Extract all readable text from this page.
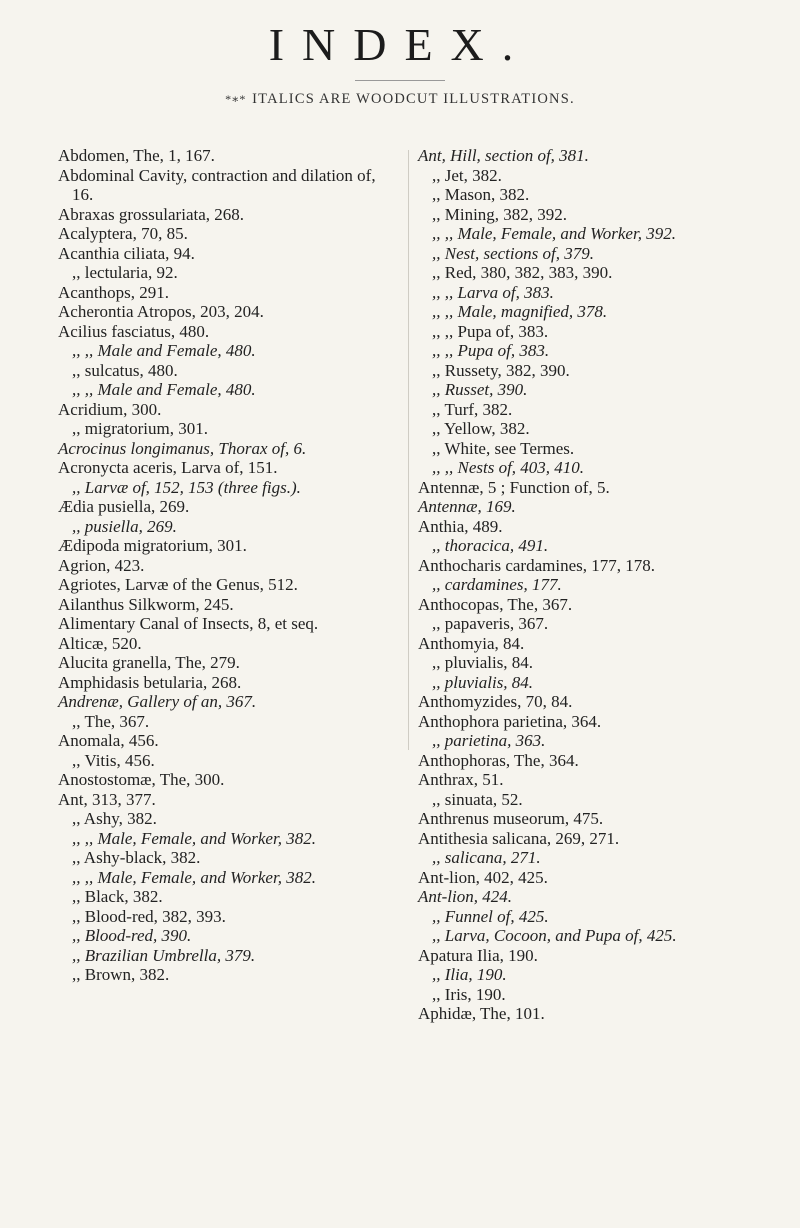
INDEX.
*∗* ITALICS ARE WOODCUT ILLUSTRATIONS.

Abdomen, The, 1, 167.

Abdominal Cavity, contraction and dilation of, 16.

Abraxas grossulariata, 268.

Acalyptera, 70, 85.

Acanthia ciliata, 94.

,, lectularia, 92.

Acanthops, 291.

Acherontia Atropos, 203, 204.

Acilius fasciatus, 480.

,, ,, Male and Female, 480.

,, sulcatus, 480.

,, ,, Male and Female, 480.

Acridium, 300.

,, migratorium, 301.

Acrocinus longimanus, Thorax of, 6.

Acronycta aceris, Larva of, 151.

,, Larvæ of, 152, 153 (three figs.).

Ædia pusiella, 269.

,, pusiella, 269.

Ædipoda migratorium, 301.

Agrion, 423.

Agriotes, Larvæ of the Genus, 512.

Ailanthus Silkworm, 245.

Alimentary Canal of Insects, 8, et seq.

Alticæ, 520.

Alucita granella, The, 279.

Amphidasis betularia, 268.

Andrenæ, Gallery of an, 367.

,, The, 367.

Anomala, 456.

,, Vitis, 456.

Anostostomæ, The, 300.

Ant, 313, 377.

,, Ashy, 382.

,, ,, Male, Female, and Worker, 382.

,, Ashy-black, 382.

,, ,, Male, Female, and Worker, 382.

,, Black, 382.

,, Blood-red, 382, 393.

,, Blood-red, 390.

,, Brazilian Umbrella, 379.

,, Brown, 382.

Ant, Hill, section of, 381.

,, Jet, 382.

,, Mason, 382.

,, Mining, 382, 392.

,, ,, Male, Female, and Worker, 392.

,, Nest, sections of, 379.

,, Red, 380, 382, 383, 390.

,, ,, Larva of, 383.

,, ,, Male, magnified, 378.

,, ,, Pupa of, 383.

,, ,, Pupa of, 383.

,, Russety, 382, 390.

,, Russet, 390.

,, Turf, 382.

,, Yellow, 382.

,, White, see Termes.

,, ,, Nests of, 403, 410.

Antennæ, 5 ; Function of, 5.

Antennæ, 169.

Anthia, 489.

,, thoracica, 491.

Anthocharis cardamines, 177, 178.

,, cardamines, 177.

Anthocopas, The, 367.

,, papaveris, 367.

Anthomyia, 84.

,, pluvialis, 84.

,, pluvialis, 84.

Anthomyzides, 70, 84.

Anthophora parietina, 364.

,, parietina, 363.

Anthophoras, The, 364.

Anthrax, 51.

,, sinuata, 52.

Anthrenus museorum, 475.

Antithesia salicana, 269, 271.

,, salicana, 271.

Ant-lion, 402, 425.

Ant-lion, 424.

,, Funnel of, 425.

,, Larva, Cocoon, and Pupa of, 425.

Apatura Ilia, 190.

,, Ilia, 190.

,, Iris, 190.

Aphidæ, The, 101.
